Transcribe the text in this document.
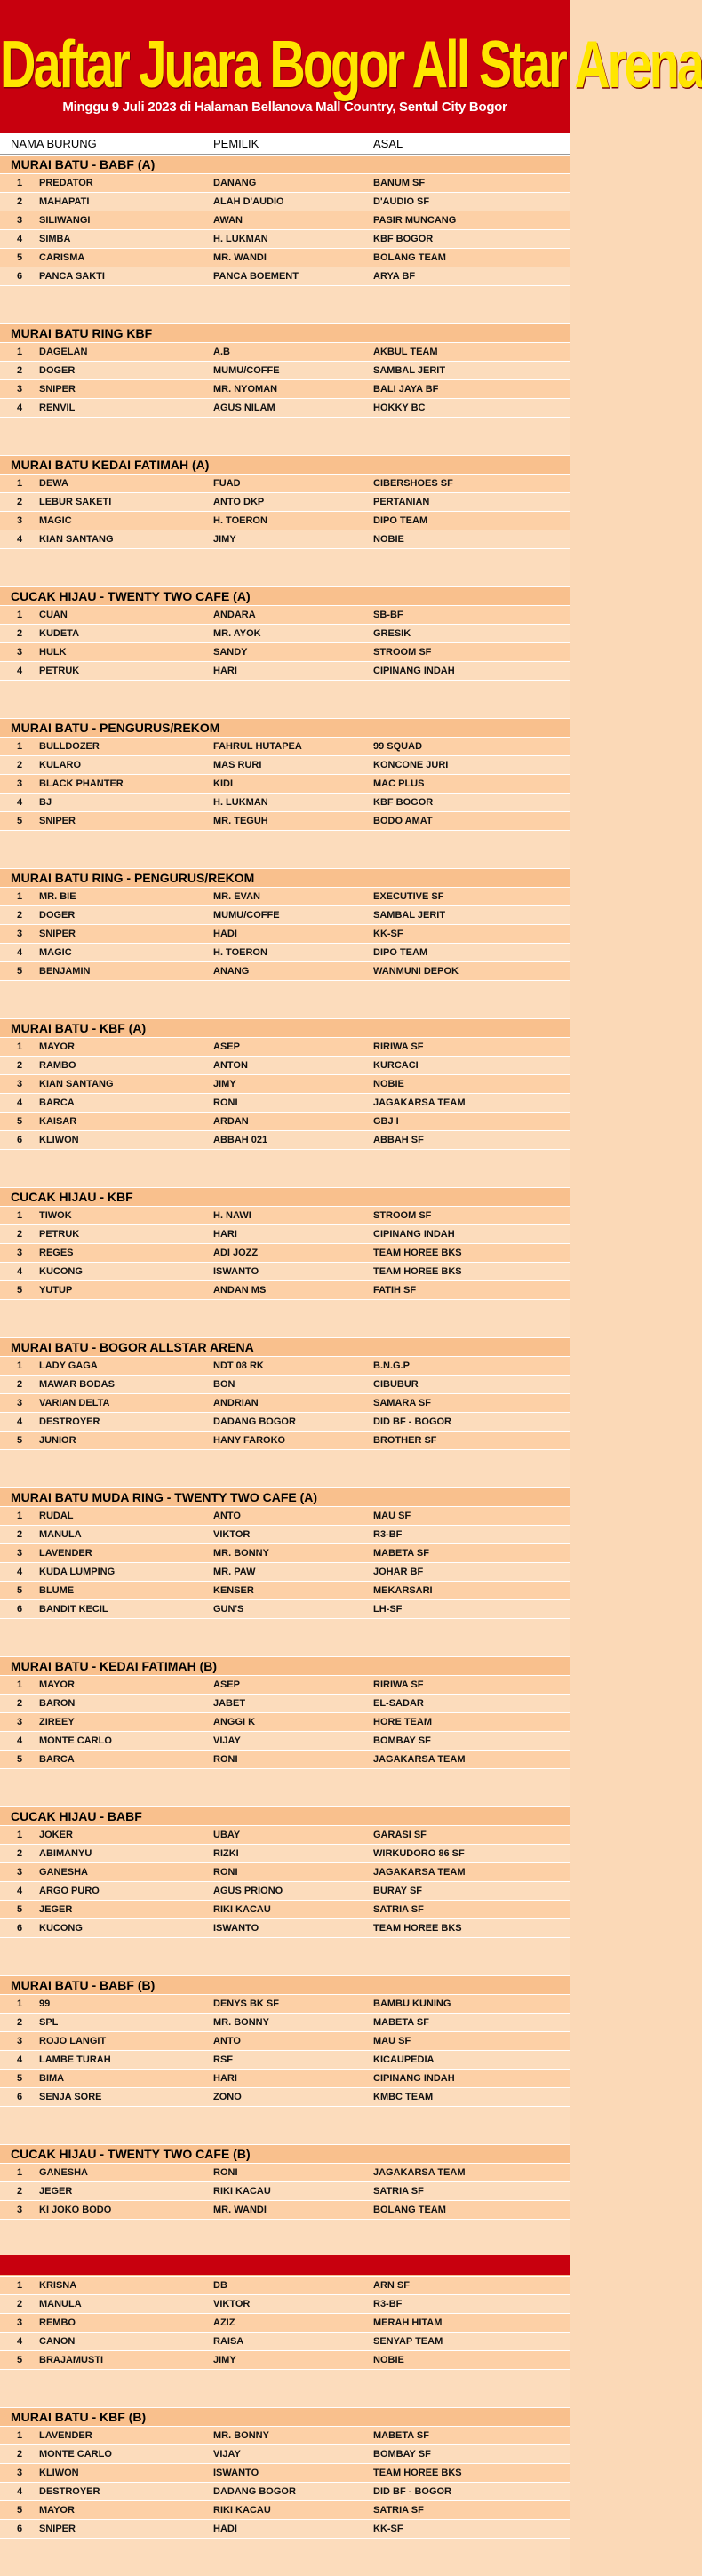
Daftar Juara Bogor All Star Arena
Minggu 9 Juli 2023 di Halaman Bellanova Mall Country, Sentul City Bogor
NAMA BURUNG	PEMILIK	ASAL
MURAI BATU - BABF (A)
1	PREDATOR	DANANG	BANUM SF
2	MAHAPATI	ALAH D'AUDIO	D'AUDIO SF
3	SILIWANGI	AWAN	PASIR MUNCANG
4	SIMBA	H. LUKMAN	KBF BOGOR
5	CARISMA	MR. WANDI	BOLANG TEAM
6	PANCA SAKTI	PANCA BOEMENT	ARYA BF
MURAI BATU RING KBF
1	DAGELAN	A.B	AKBUL TEAM
2	DOGER	MUMU/COFFE	SAMBAL JERIT
3	SNIPER	MR. NYOMAN	BALI JAYA BF
4	RENVIL	AGUS NILAM	HOKKY BC
MURAI BATU KEDAI FATIMAH (A)
1	DEWA	FUAD	CIBERSHOES SF
2	LEBUR SAKETI	ANTO DKP	PERTANIAN
3	MAGIC	H. TOERON	DIPO TEAM
4	KIAN SANTANG	JIMY	NOBIE
CUCAK HIJAU - TWENTY TWO CAFE (A)
1	CUAN	ANDARA	SB-BF
2	KUDETA	MR. AYOK	GRESIK
3	HULK	SANDY	STROOM SF
4	PETRUK	HARI	CIPINANG INDAH
MURAI BATU - PENGURUS/REKOM
1	BULLDOZER	FAHRUL HUTAPEA	99 SQUAD
2	KULARO	MAS RURI	KONCONE JURI
3	BLACK PHANTER	KIDI	MAC PLUS
4	BJ	H. LUKMAN	KBF BOGOR
5	SNIPER	MR. TEGUH	BODO AMAT
MURAI BATU RING - PENGURUS/REKOM
1	MR. BIE	MR. EVAN	EXECUTIVE SF
2	DOGER	MUMU/COFFE	SAMBAL JERIT
3	SNIPER	HADI	KK-SF
4	MAGIC	H. TOERON	DIPO TEAM
5	BENJAMIN	ANANG	WANMUNI DEPOK
MURAI BATU - KBF (A)
1	MAYOR	ASEP	RIRIWA SF
2	RAMBO	ANTON	KURCACI
3	KIAN SANTANG	JIMY	NOBIE
4	BARCA	RONI	JAGAKARSA TEAM
5	KAISAR	ARDAN	GBJ I
6	KLIWON	ABBAH 021	ABBAH SF
CUCAK HIJAU - KBF
1	TIWOK	H. NAWI	STROOM SF
2	PETRUK	HARI	CIPINANG INDAH
3	REGES	ADI JOZZ	TEAM HOREE BKS
4	KUCONG	ISWANTO	TEAM HOREE BKS
5	YUTUP	ANDAN MS	FATIH SF
MURAI BATU - BOGOR ALLSTAR ARENA
1	LADY GAGA	NDT 08 RK	B.N.G.P
2	MAWAR BODAS	BON	CIBUBUR
3	VARIAN DELTA	ANDRIAN	SAMARA SF
4	DESTROYER	DADANG BOGOR	DID BF - BOGOR
5	JUNIOR	HANY FAROKO	BROTHER SF
MURAI BATU MUDA RING - TWENTY TWO CAFE (A)
1	RUDAL	ANTO	MAU SF
2	MANULA	VIKTOR	R3-BF
3	LAVENDER	MR. BONNY	MABETA SF
4	KUDA LUMPING	MR. PAW	JOHAR BF
5	BLUME	KENSER	MEKARSARI
6	BANDIT KECIL	GUN'S	LH-SF
MURAI BATU - KEDAI FATIMAH (B)
1	MAYOR	ASEP	RIRIWA SF
2	BARON	JABET	EL-SADAR
3	ZIREEY	ANGGI K	HORE TEAM
4	MONTE CARLO	VIJAY	BOMBAY SF
5	BARCA	RONI	JAGAKARSA TEAM
CUCAK HIJAU - BABF
1	JOKER	UBAY	GARASI SF
2	ABIMANYU	RIZKI	WIRKUDORO 86 SF
3	GANESHA	RONI	JAGAKARSA TEAM
4	ARGO PURO	AGUS PRIONO	BURAY SF
5	JEGER	RIKI KACAU	SATRIA SF
6	KUCONG	ISWANTO	TEAM HOREE BKS
MURAI BATU - BABF (B)
1	99	DENYS BK SF	BAMBU KUNING
2	SPL	MR. BONNY	MABETA SF
3	ROJO LANGIT	ANTO	MAU SF
4	LAMBE TURAH	RSF	KICAUPEDIA
5	BIMA	HARI	CIPINANG INDAH
6	SENJA SORE	ZONO	KMBC TEAM
CUCAK HIJAU - TWENTY TWO CAFE (B)
1	GANESHA	RONI	JAGAKARSA TEAM
2	JEGER	RIKI KACAU	SATRIA SF
3	KI JOKO BODO	MR. WANDI	BOLANG TEAM
1	KRISNA	DB	ARN SF
2	MANULA	VIKTOR	R3-BF
3	REMBO	AZIZ	MERAH HITAM
4	CANON	RAISA	SENYAP TEAM
5	BRAJAMUSTI	JIMY	NOBIE
MURAI BATU - KBF (B)
1	LAVENDER	MR. BONNY	MABETA SF
2	MONTE CARLO	VIJAY	BOMBAY SF
3	KLIWON	ISWANTO	TEAM HOREE BKS
4	DESTROYER	DADANG BOGOR	DID BF - BOGOR
5	MAYOR	RIKI KACAU	SATRIA SF
6	SNIPER	HADI	KK-SF
